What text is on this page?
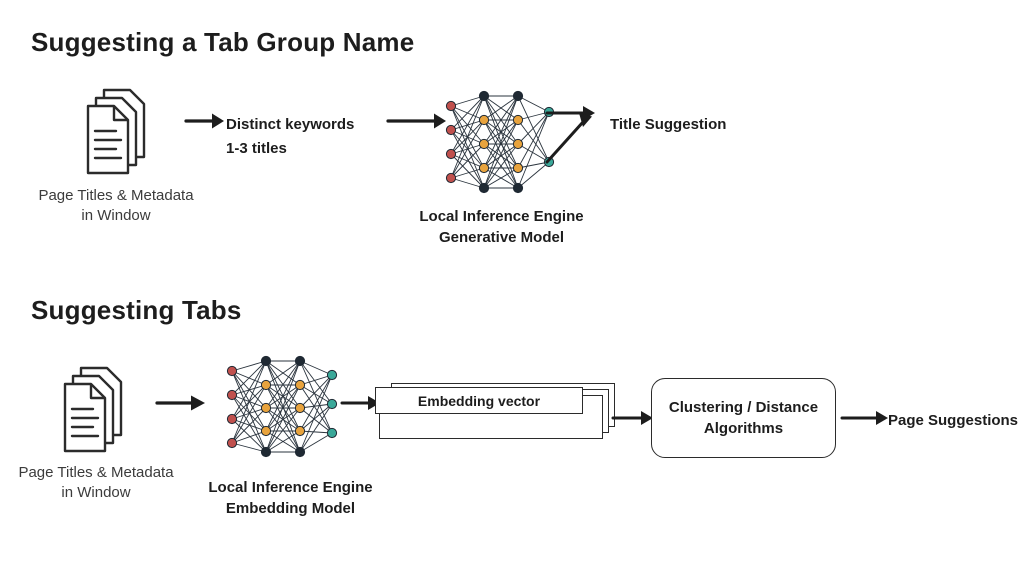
Suggesting a Tab Group Name
Page Titles & Metadata
in Window
Distinct keywords
1-3 titles
Title Suggestion
Local Inference Engine
Generative Model
Suggesting Tabs
Page Titles & Metadata
in Window	Local Inference Engine
Embedding Model
Embedding vector	Clustering / Distance
Algorithms	Page Suggestions
